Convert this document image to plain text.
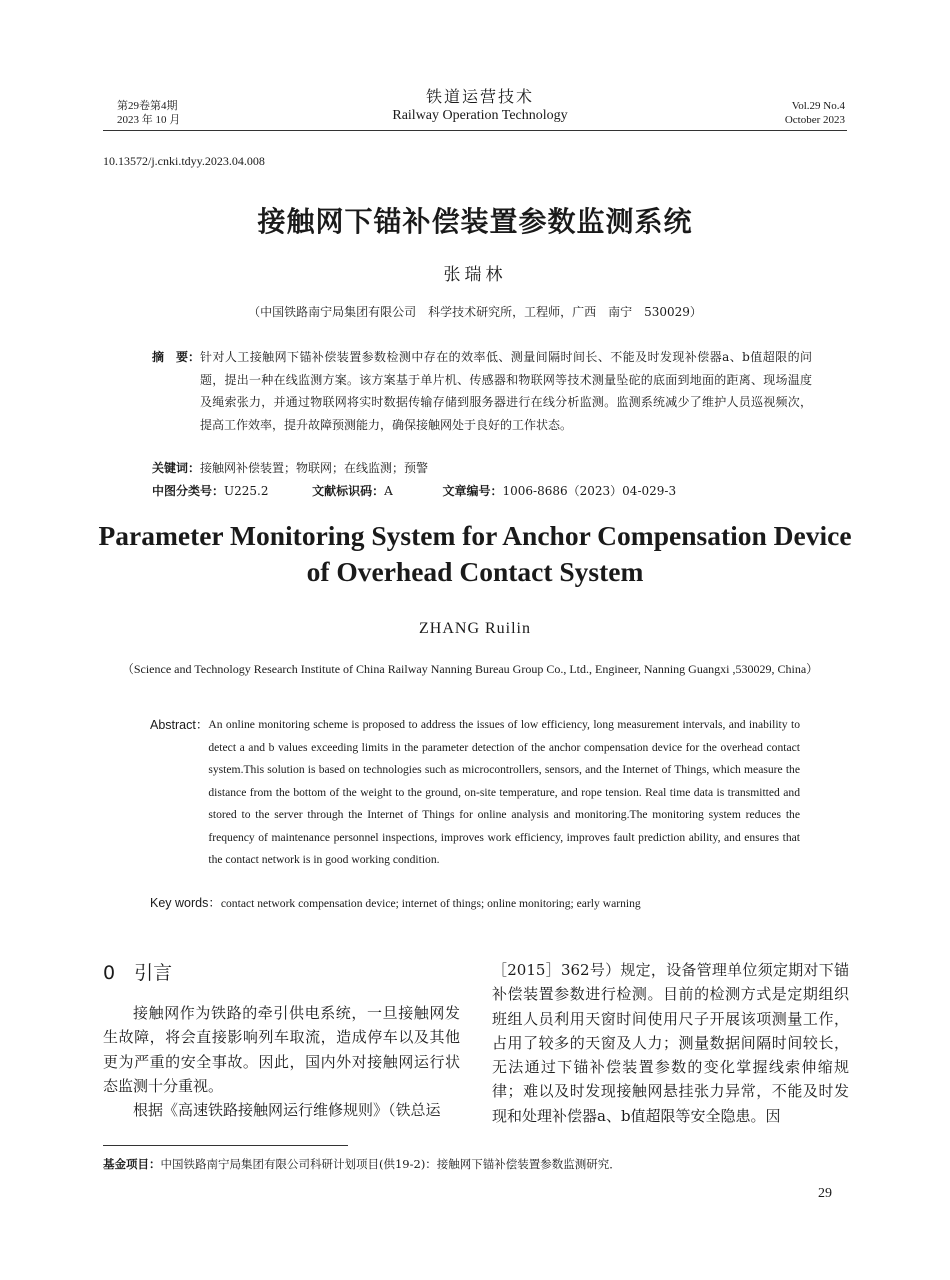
第29卷第4期
2023 年 10 月
铁道运营技术
Railway Operation Technology
Vol.29 No.4
October 2023
10.13572/j.cnki.tdyy.2023.04.008
接触网下锚补偿装置参数监测系统
张瑞林
（中国铁路南宁局集团有限公司　科学技术研究所，工程师，广西　南宁　530029）
摘　要： 针对人工接触网下锚补偿装置参数检测中存在的效率低、测量间隔时间长、不能及时发现补偿器a、b值超限的问题，提出一种在线监测方案。该方案基于单片机、传感器和物联网等技术测量坠砣的底面到地面的距离、现场温度及绳索张力，并通过物联网将实时数据传输存储到服务器进行在线分析监测。监测系统减少了维护人员巡视频次，提高工作效率，提升故障预测能力，确保接触网处于良好的工作状态。
关键词：接触网补偿装置；物联网；在线监测；预警
中图分类号：U225.2	文献标识码：A	文章编号：1006-8686（2023）04-029-3
Parameter Monitoring System for Anchor Compensation Device of Overhead Contact System
ZHANG Ruilin
（Science and Technology Research Institute of China Railway Nanning Bureau Group Co., Ltd., Engineer, Nanning Guangxi ,530029, China）
Abstract： An online monitoring scheme is proposed to address the issues of low efficiency, long measurement intervals, and inability to detect a and b values exceeding limits in the parameter detection of the anchor compensation device for the overhead contact system.This solution is based on technologies such as microcontrollers, sensors, and the Internet of Things, which measure the distance from the bottom of the weight to the ground, on-site temperature, and rope tension. Real time data is transmitted and stored to the server through the Internet of Things for online analysis and monitoring.The monitoring system reduces the frequency of maintenance personnel inspections, improves work efficiency, improves fault prediction ability, and ensures that the contact network is in good working condition.
Key words：contact network compensation device; internet of things; online monitoring; early warning
0　引言

接触网作为铁路的牵引供电系统，一旦接触网发生故障，将会直接影响列车取流，造成停车以及其他更为严重的安全事故。因此，国内外对接触网运行状态监测十分重视。

根据《高速铁路接触网运行维修规则》（铁总运

［2015］362号）规定，设备管理单位须定期对下锚补偿装置参数进行检测。目前的检测方式是定期组织班组人员利用天窗时间使用尺子开展该项测量工作，占用了较多的天窗及人力；测量数据间隔时间较长，无法通过下锚补偿装置参数的变化掌握线索伸缩规律；难以及时发现接触网悬挂张力异常，不能及时发现和处理补偿器a、b值超限等安全隐患。因

基金项目：中国铁路南宁局集团有限公司科研计划项目(供19-2)：接触网下锚补偿装置参数监测研究．
29
